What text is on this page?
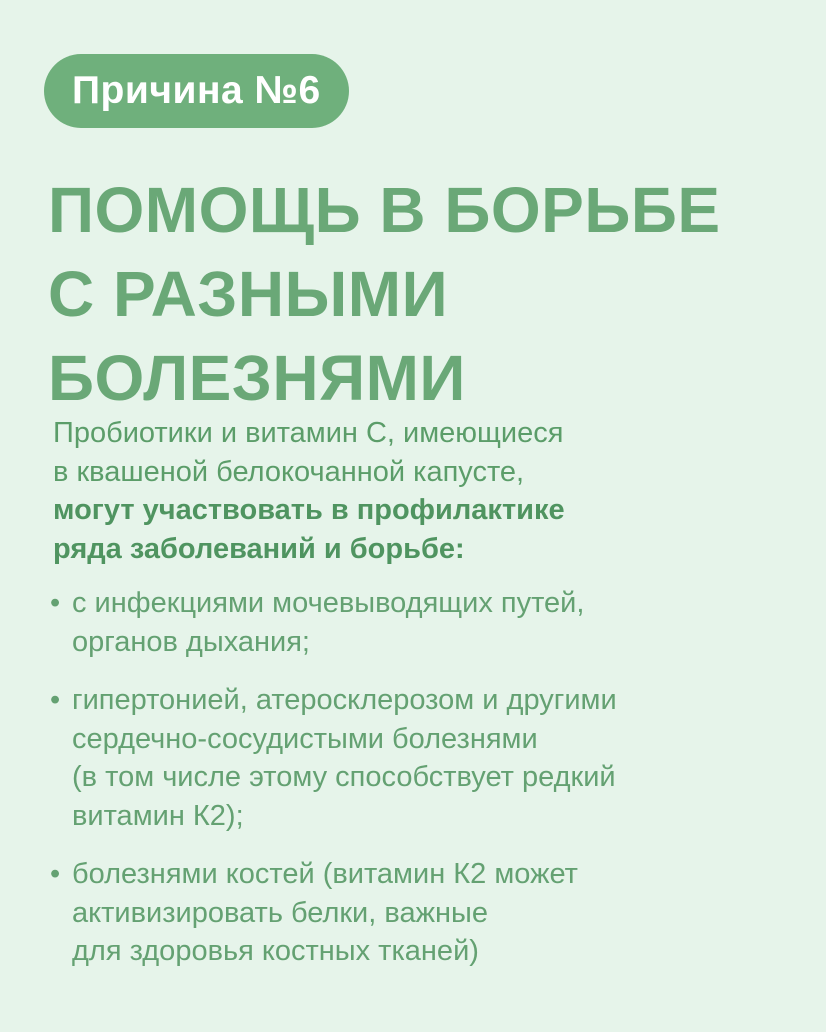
Причина №6
ПОМОЩЬ В БОРЬБЕ
С РАЗНЫМИ
БОЛЕЗНЯМИ
Пробиотики и витамин С, имеющиеся
в квашеной белокочанной капусте,
могут участвовать в профилактике
ряда заболеваний и борьбе:
• с инфекциями мочевыводящих путей,
органов дыхания;
• гипертонией, атеросклерозом и другими
сердечно-сосудистыми болезнями
(в том числе этому способствует редкий
витамин К2);
• болезнями костей (витамин К2 может
активизировать белки, важные
для здоровья костных тканей)
